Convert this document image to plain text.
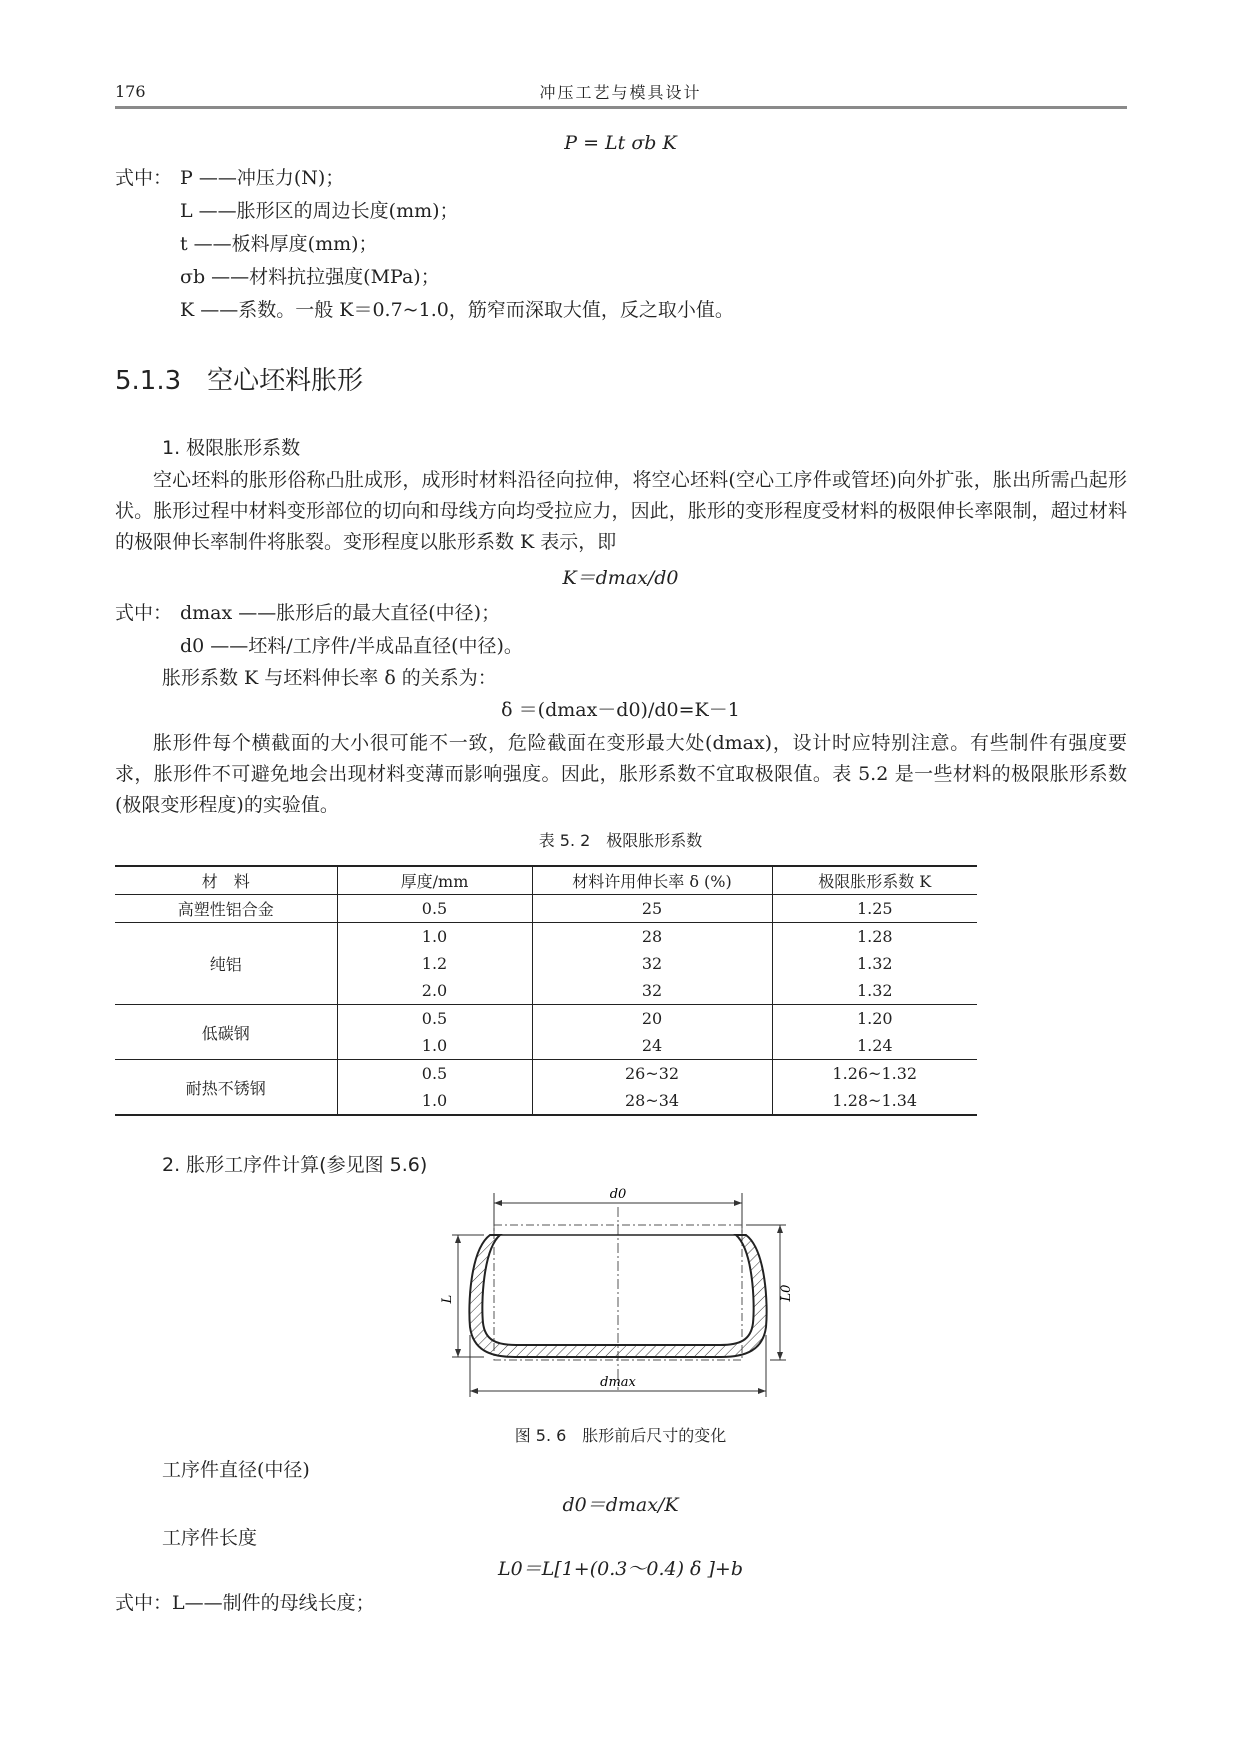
176	冲压工艺与模具设计
P = Lt σb K
式中： P ——冲压力(N)；
L ——胀形区的周边长度(mm)；
t ——板料厚度(mm)；
σb ——材料抗拉强度(MPa)；
K ——系数。一般 K＝0.7~1.0，筋窄而深取大值，反之取小值。
5.1.3　空心坯料胀形
1. 极限胀形系数
空心坯料的胀形俗称凸肚成形，成形时材料沿径向拉伸，将空心坯料(空心工序件或管坯)向外扩张，胀出所需凸起形状。胀形过程中材料变形部位的切向和母线方向均受拉应力，因此，胀形的变形程度受材料的极限伸长率限制，超过材料的极限伸长率制件将胀裂。变形程度以胀形系数 K 表示，即
K＝dmax/d0
式中： dmax ——胀形后的最大直径(中径)；
d0 ——坯料/工序件/半成品直径(中径)。
胀形系数 K 与坯料伸长率 δ 的关系为：
δ ＝(dmax－d0)/d0=K－1
胀形件每个横截面的大小很可能不一致，危险截面在变形最大处(dmax)，设计时应特别注意。有些制件有强度要求，胀形件不可避免地会出现材料变薄而影响强度。因此，胀形系数不宜取极限值。表 5.2 是一些材料的极限胀形系数(极限变形程度)的实验值。
表 5. 2　极限胀形系数
材　料	厚度/mm	材料许用伸长率 δ (%)	极限胀形系数 K
高塑性铝合金	0.5	25	1.25
纯铝	1.0	28	1.28
	1.2	32	1.32
	2.0	32	1.32
低碳钢	0.5	20	1.20
	1.0	24	1.24
耐热不锈钢	0.5	26~32	1.26~1.32
	1.0	28~34	1.28~1.34
2. 胀形工序件计算(参见图 5.6)
d0
L	L0
dmax
图 5. 6　胀形前后尺寸的变化
工序件直径(中径)
d0＝dmax/K
工序件长度
L0＝L[1+(0.3～0.4) δ ]+b
式中：L——制件的母线长度；
